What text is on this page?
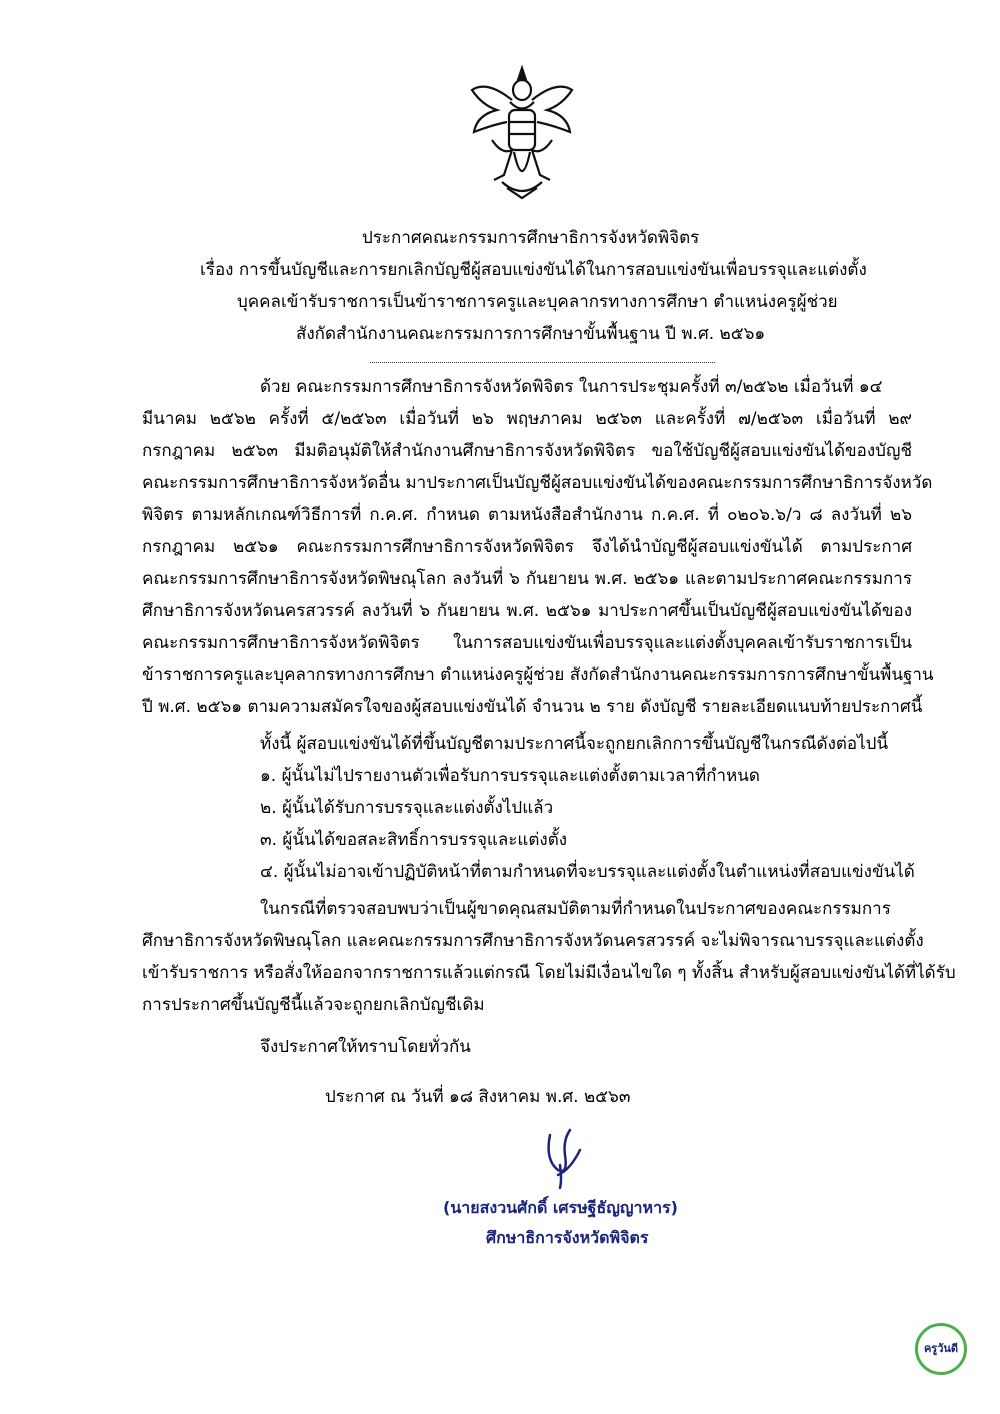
ประกาศคณะกรรมการศึกษาธิการจังหวัดพิจิตร
เรื่อง การขึ้นบัญชีและการยกเลิกบัญชีผู้สอบแข่งขันได้ในการสอบแข่งขันเพื่อบรรจุและแต่งตั้ง
บุคคลเข้ารับราชการเป็นข้าราชการครูและบุคลากรทางการศึกษา ตำแหน่งครูผู้ช่วย
สังกัดสำนักงานคณะกรรมการการศึกษาขั้นพื้นฐาน ปี พ.ศ. ๒๕๖๑
ด้วย คณะกรรมการศึกษาธิการจังหวัดพิจิตร ในการประชุมครั้งที่ ๓/๒๕๖๒ เมื่อวันที่ ๑๔
มีนาคม ๒๕๖๒ ครั้งที่ ๕/๒๕๖๓ เมื่อวันที่ ๒๖ พฤษภาคม ๒๕๖๓ และครั้งที่ ๗/๒๕๖๓ เมื่อวันที่ ๒๙
กรกฎาคม ๒๕๖๓ มีมติอนุมัติให้สำนักงานศึกษาธิการจังหวัดพิจิตร ขอใช้บัญชีผู้สอบแข่งขันได้ของบัญชี
คณะกรรมการศึกษาธิการจังหวัดอื่น มาประกาศเป็นบัญชีผู้สอบแข่งขันได้ของคณะกรรมการศึกษาธิการจังหวัด
พิจิตร ตามหลักเกณฑ์วิธีการที่ ก.ค.ศ. กำหนด ตามหนังสือสำนักงาน ก.ค.ศ. ที่ ๐๒๐๖.๖/ว ๘ ลงวันที่ ๒๖
กรกฎาคม ๒๕๖๑ คณะกรรมการศึกษาธิการจังหวัดพิจิตร จึงได้นำบัญชีผู้สอบแข่งขันได้ ตามประกาศ
คณะกรรมการศึกษาธิการจังหวัดพิษณุโลก ลงวันที่ ๖ กันยายน พ.ศ. ๒๕๖๑ และตามประกาศคณะกรรมการ
ศึกษาธิการจังหวัดนครสวรรค์ ลงวันที่ ๖ กันยายน พ.ศ. ๒๕๖๑ มาประกาศขึ้นเป็นบัญชีผู้สอบแข่งขันได้ของ
คณะกรรมการศึกษาธิการจังหวัดพิจิตร ในการสอบแข่งขันเพื่อบรรจุและแต่งตั้งบุคคลเข้ารับราชการเป็น
ข้าราชการครูและบุคลากรทางการศึกษา ตำแหน่งครูผู้ช่วย สังกัดสำนักงานคณะกรรมการการศึกษาขั้นพื้นฐาน
ปี พ.ศ. ๒๕๖๑ ตามความสมัครใจของผู้สอบแข่งขันได้ จำนวน ๒ ราย ดังบัญชี รายละเอียดแนบท้ายประกาศนี้
ทั้งนี้ ผู้สอบแข่งขันได้ที่ขึ้นบัญชีตามประกาศนี้จะถูกยกเลิกการขึ้นบัญชีในกรณีดังต่อไปนี้
๑. ผู้นั้นไม่ไปรายงานตัวเพื่อรับการบรรจุและแต่งตั้งตามเวลาที่กำหนด
๒. ผู้นั้นได้รับการบรรจุและแต่งตั้งไปแล้ว
๓. ผู้นั้นได้ขอสละสิทธิ์การบรรจุและแต่งตั้ง
๔. ผู้นั้นไม่อาจเข้าปฏิบัติหน้าที่ตามกำหนดที่จะบรรจุและแต่งตั้งในตำแหน่งที่สอบแข่งขันได้
ในกรณีที่ตรวจสอบพบว่าเป็นผู้ขาดคุณสมบัติตามที่กำหนดในประกาศของคณะกรรมการ
ศึกษาธิการจังหวัดพิษณุโลก และคณะกรรมการศึกษาธิการจังหวัดนครสวรรค์ จะไม่พิจารณาบรรจุและแต่งตั้ง
เข้ารับราชการ หรือสั่งให้ออกจากราชการแล้วแต่กรณี โดยไม่มีเงื่อนไขใด ๆ ทั้งสิ้น สำหรับผู้สอบแข่งขันได้ที่ได้รับ
การประกาศขึ้นบัญชีนี้แล้วจะถูกยกเลิกบัญชีเดิม
จึงประกาศให้ทราบโดยทั่วกัน
ประกาศ ณ วันที่ ๑๘ สิงหาคม พ.ศ. ๒๕๖๓
(นายสงวนศักดิ์ เศรษฐีธัญญาหาร)
ศึกษาธิการจังหวัดพิจิตร
ครูวันดี
